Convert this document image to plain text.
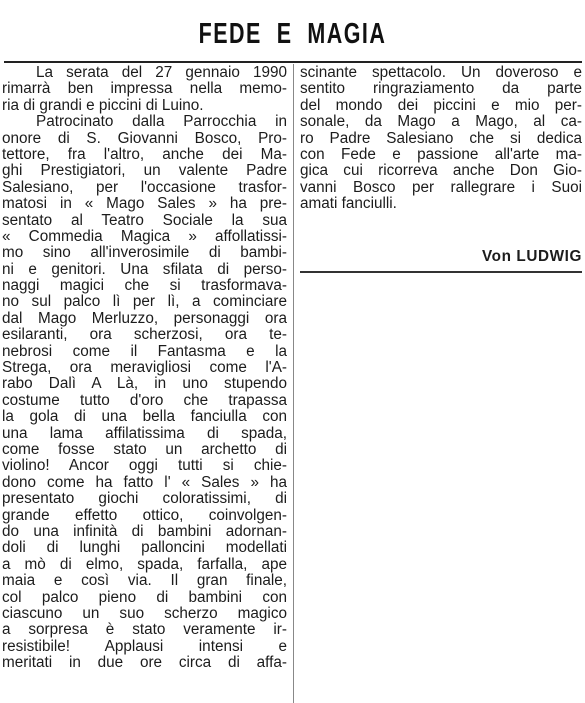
FEDE  E  MAGIA
La serata del 27 gennaio 1990
rimarrà ben impressa nella memo-
ria di grandi e piccini di Luino.
Patrocinato dalla Parrocchia in
onore di S. Giovanni Bosco, Pro-
tettore, fra l'altro, anche dei Ma-
ghi Prestigiatori, un valente Padre
Salesiano, per l'occasione trasfor-
matosi in « Mago Sales » ha pre-
sentato al Teatro Sociale la sua
« Commedia Magica » affollatissi-
mo sino all'inverosimile di bambi-
ni e genitori. Una sfilata di perso-
naggi magici che si trasformava-
no sul palco lì per lì, a cominciare
dal Mago Merluzzo, personaggi ora
esilaranti, ora scherzosi, ora te-
nebrosi come il Fantasma e la
Strega, ora meravigliosi come l'A-
rabo Dalì A Là, in uno stupendo
costume tutto d'oro che trapassa
la gola di una bella fanciulla con
una lama affilatissima di spada,
come fosse stato un archetto di
violino! Ancor oggi tutti si chie-
dono come ha fatto l' « Sales » ha
presentato giochi coloratissimi, di
grande effetto ottico, coinvolgen-
do una infinità di bambini adornan-
doli di lunghi palloncini modellati
a mò di elmo, spada, farfalla, ape
maia e così via. Il gran finale,
col palco pieno di bambini con
ciascuno un suo scherzo magico
a sorpresa è stato veramente ir-
resistibile! Applausi intensi e
meritati in due ore circa di affa-
scinante spettacolo. Un doveroso e
sentito ringraziamento da parte
del mondo dei piccini e mio per-
sonale, da Mago a Mago, al ca-
ro Padre Salesiano che si dedica
con Fede e passione all'arte ma-
gica cui ricorreva anche Don Gio-
vanni Bosco per rallegrare i Suoi
amati fanciulli.
Von LUDWIG
